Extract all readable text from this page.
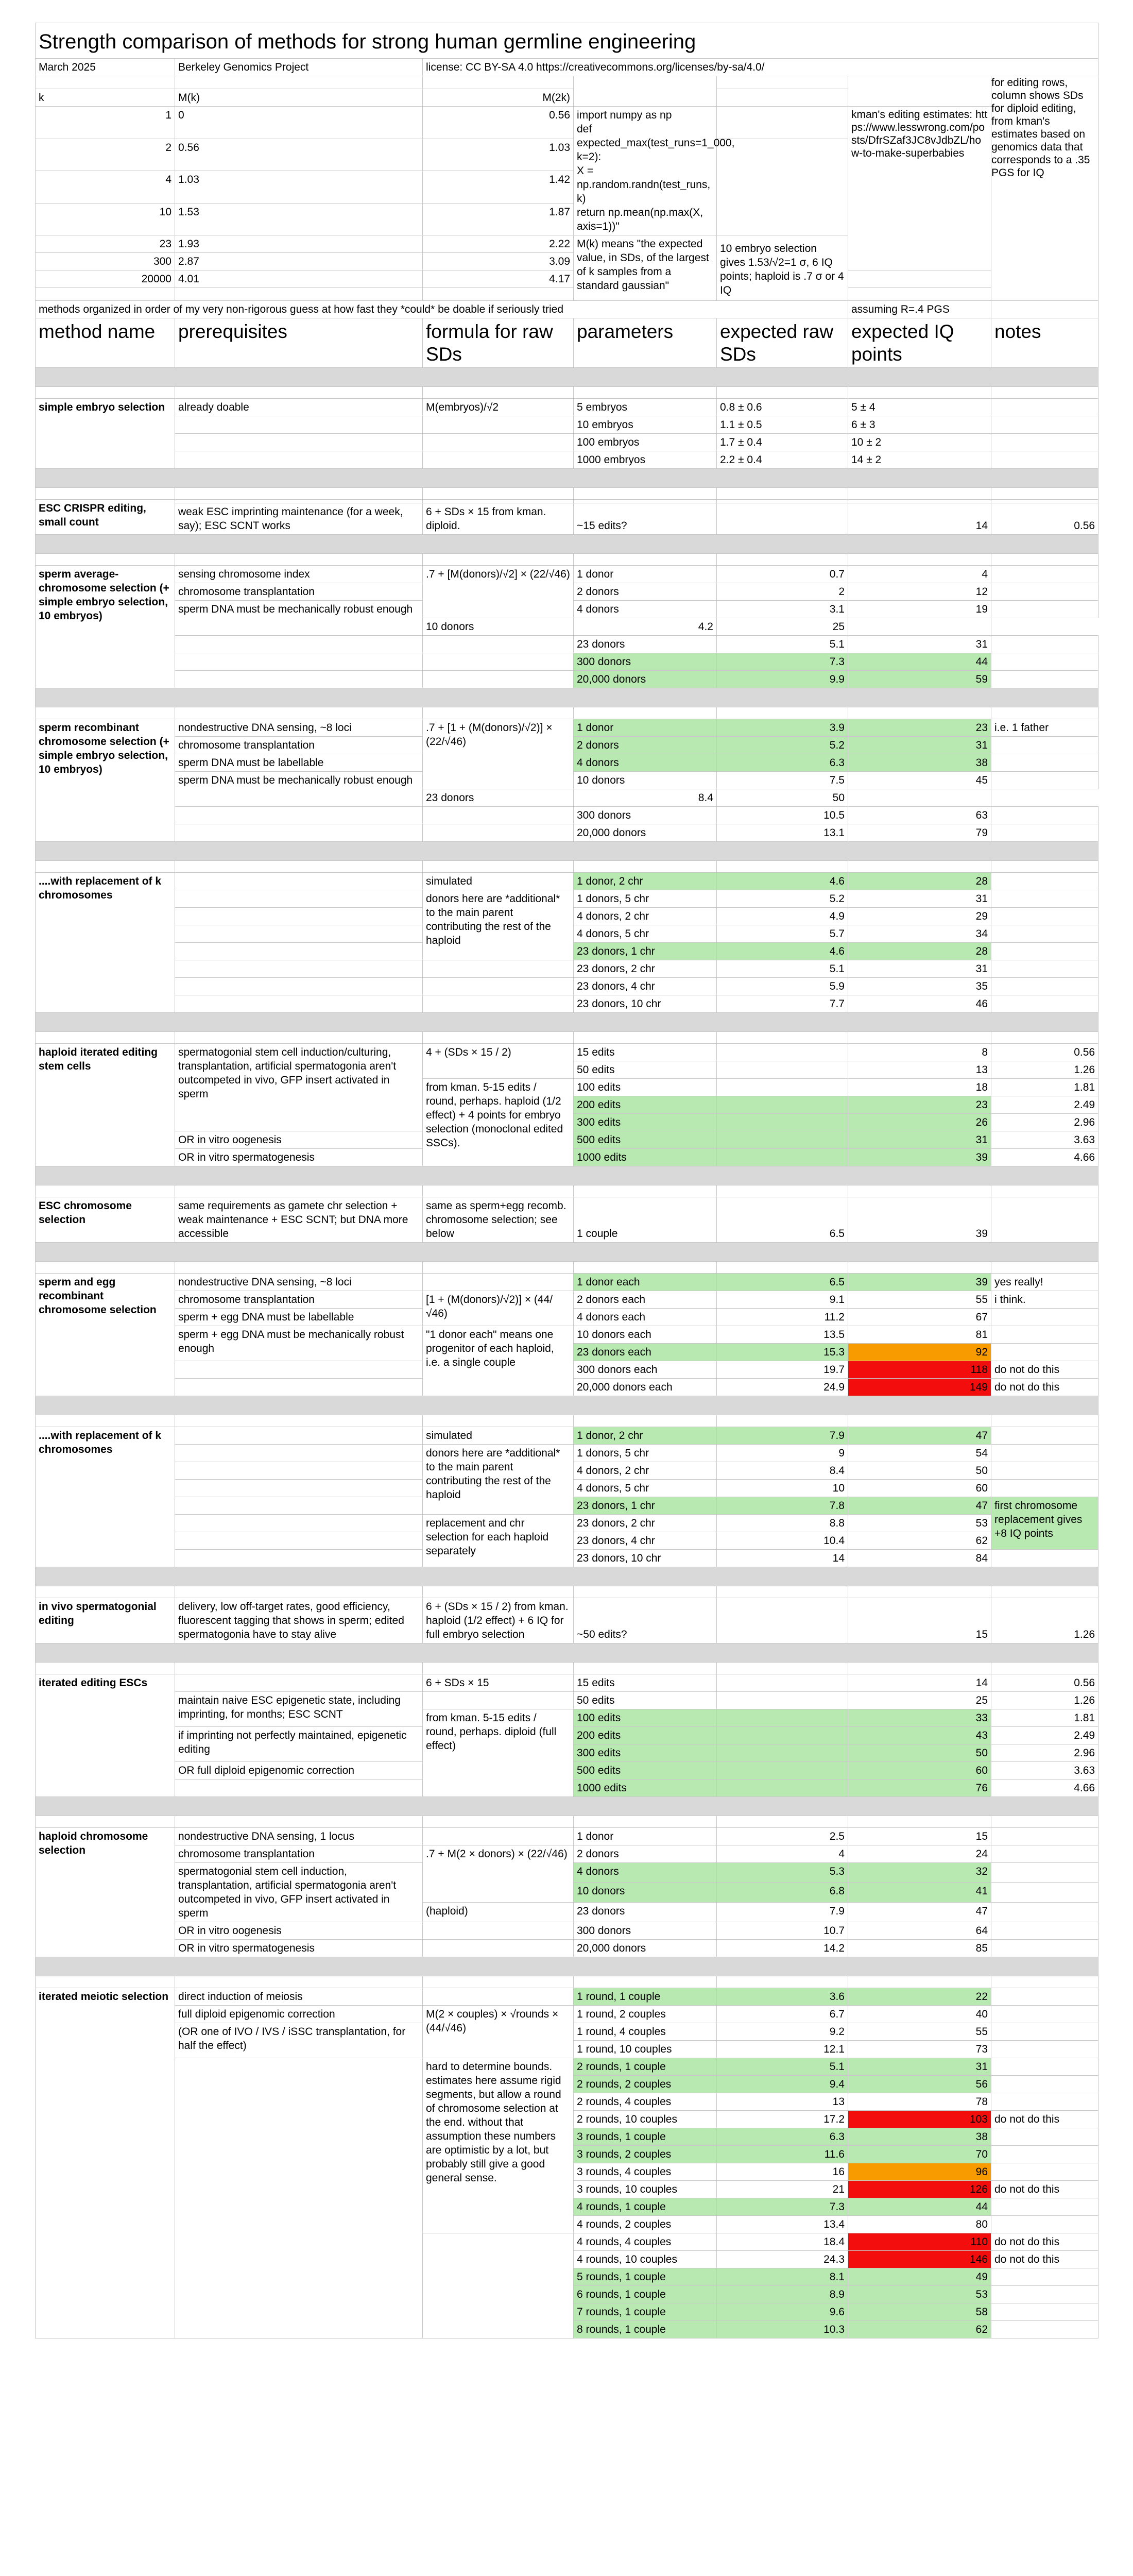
Strength comparison of methods for strong human germline engineering							
March 2025	Berkeley Genomics Project	license: CC BY-SA 4.0 https://creativecommons.org/licenses/by-sa/4.0/					
						for editing rows, column shows SDs for diploid editing, from kman's estimates based on genomics data that corresponds to a .35 PGS for IQ	
k	M(k)	M(2k)					
1	0	0.56	import numpy as np
def expected_max(test_runs=1_000, k=2):
X = np.random.randn(test_runs, k)
return np.mean(np.max(X, axis=1))"		kman's editing estimates: https://www.lesswrong.com/posts/DfrSZaf3JC8vJdbZL/how-to-make-superbabies		
2	0.56	1.03					
4	1.03	1.42					
10	1.53	1.87					
23	1.93	2.22	M(k) means "the expected value, in SDs, of the largest of k samples from a standard gaussian"	10 embryo selection gives 1.53/√2=1 σ, 6 IQ points; haploid is .7 σ or 4 IQ			
300	2.87	3.09					
20000	4.01	4.17					

methods organized in order of my very non-rigorous guess at how fast they *could* be doable if seriously tried					assuming R=.4 PGS		
method name	prerequisites	formula for raw SDs	parameters	expected raw SDs	expected IQ points	notes	

simple embryo selection	already doable	M(embryos)/√2	5 embryos	0.8 ± 0.6	5 ± 4		
			10 embryos	1.1 ± 0.5	6 ± 3		
			100 embryos	1.7 ± 0.4	10 ± 2		
			1000 embryos	2.2 ± 0.4	14 ± 2		

ESC CRISPR editing, small count							
	weak ESC imprinting maintenance (for a week, say); ESC SCNT works	6 + SDs × 15 from kman. diploid.	~15 edits?		14	0.56	

sperm average-chromosome selection (+ simple embryo selection, 10 embryos)	sensing chromosome index	.7 + [M(donors)/√2] × (22/√46)	1 donor	0.7	4		
	chromosome transplantation		2 donors	2	12		
	sperm DNA must be mechanically robust enough		4 donors	3.1	19		
		10 donors	4.2	25			
			23 donors	5.1	31		
			300 donors	7.3	44		
			20,000 donors	9.9	59		

sperm recombinant chromosome selection (+ simple embryo selection, 10 embryos)	nondestructive DNA sensing, ~8 loci	.7 + [1 + (M(donors)/√2)] × (22/√46)	1 donor	3.9	23	i.e. 1 father	
	chromosome transplantation		2 donors	5.2	31		
	sperm DNA must be labellable		4 donors	6.3	38		
	sperm DNA must be mechanically robust enough		10 donors	7.5	45		
		23 donors	8.4	50			
			300 donors	10.5	63		
			20,000 donors	13.1	79		

....with replacement of k chromosomes		simulated	1 donor, 2 chr	4.6	28		
		donors here are *additional* to the main parent contributing the rest of the haploid	1 donors, 5 chr	5.2	31		
			4 donors, 2 chr	4.9	29		
			4 donors, 5 chr	5.7	34		
			23 donors, 1 chr	4.6	28		
			23 donors, 2 chr	5.1	31		
			23 donors, 4 chr	5.9	35		
			23 donors, 10 chr	7.7	46		

haploid iterated editing stem cells	spermatogonial stem cell induction/culturing, transplantation, artificial spermatogonia aren't outcompeted in vivo, GFP insert activated in sperm	4 + (SDs × 15 / 2)	15 edits		8	0.56	
			50 edits		13	1.26	
		from kman. 5-15 edits / round, perhaps. haploid (1/2 effect) + 4 points for embryo selection (monoclonal edited SSCs).	100 edits		18	1.81	
			200 edits		23	2.49	
			300 edits		26	2.96	
	OR in vitro oogenesis		500 edits		31	3.63	
	OR in vitro spermatogenesis		1000 edits		39	4.66	

ESC chromosome selection	same requirements as gamete chr selection + weak maintenance + ESC SCNT; but DNA more accessible	same as sperm+egg recomb. chromosome selection; see below	1 couple	6.5	39		

sperm and egg recombinant chromosome selection	nondestructive DNA sensing, ~8 loci		1 donor each	6.5	39	yes really!	
	chromosome transplantation	[1 + (M(donors)/√2)] × (44/√46)	2 donors each	9.1	55	i think.	
	sperm + egg DNA must be labellable		4 donors each	11.2	67		
	sperm + egg DNA must be mechanically robust enough	"1 donor each" means one progenitor of each haploid, i.e. a single couple	10 donors each	13.5	81		
			23 donors each	15.3	92		
			300 donors each	19.7	118	do not do this	
			20,000 donors each	24.9	149	do not do this	

....with replacement of k chromosomes		simulated	1 donor, 2 chr	7.9	47		
		donors here are *additional* to the main parent contributing the rest of the haploid	1 donors, 5 chr	9	54		
			4 donors, 2 chr	8.4	50		
			4 donors, 5 chr	10	60		
			23 donors, 1 chr	7.8	47	first chromosome replacement gives +8 IQ points	
		replacement and chr selection for each haploid separately	23 donors, 2 chr	8.8	53		
			23 donors, 4 chr	10.4	62		
			23 donors, 10 chr	14	84		

in vivo spermatogonial editing	delivery, low off-target rates, good efficiency, fluorescent tagging that shows in sperm; edited spermatogonia have to stay alive	6 + (SDs × 15 / 2) from kman. haploid (1/2 effect) + 6 IQ for full embryo selection	~50 edits?		15	1.26	

iterated editing ESCs		6 + SDs × 15	15 edits		14	0.56	
	maintain naive ESC epigenetic state, including imprinting, for months; ESC SCNT		50 edits		25	1.26	
		from kman. 5-15 edits / round, perhaps. diploid (full effect)	100 edits		33	1.81	
	if imprinting not perfectly maintained, epigenetic editing		200 edits		43	2.49	
			300 edits		50	2.96	
	OR full diploid epigenomic correction		500 edits		60	3.63	
			1000 edits		76	4.66	

haploid chromosome selection	nondestructive DNA sensing, 1 locus		1 donor	2.5	15		
	chromosome transplantation	.7 + M(2 × donors) × (22/√46)	2 donors	4	24		
	spermatogonial stem cell induction, transplantation, artificial spermatogonia aren't outcompeted in vivo, GFP insert activated in sperm		4 donors	5.3	32		
			10 donors	6.8	41		
		(haploid)	23 donors	7.9	47		
	OR in vitro oogenesis		300 donors	10.7	64		
	OR in vitro spermatogenesis		20,000 donors	14.2	85		

iterated meiotic selection	direct induction of meiosis		1 round, 1 couple	3.6	22		
	full diploid epigenomic correction	M(2 × couples) × √rounds × (44/√46)	1 round, 2 couples	6.7	40		
	(OR one of IVO / IVS / iSSC transplantation, for half the effect)		1 round, 4 couples	9.2	55		
			1 round, 10 couples	12.1	73		
		hard to determine bounds. estimates here assume rigid segments, but allow a round of chromosome selection at the end. without that assumption these numbers are optimistic by a lot, but probably still give a good general sense.	2 rounds, 1 couple	5.1	31		
			2 rounds, 2 couples	9.4	56		
			2 rounds, 4 couples	13	78		
			2 rounds, 10 couples	17.2	103	do not do this	
			3 rounds, 1 couple	6.3	38		
			3 rounds, 2 couples	11.6	70		
			3 rounds, 4 couples	16	96		
			3 rounds, 10 couples	21	126	do not do this	
			4 rounds, 1 couple	7.3	44		
			4 rounds, 2 couples	13.4	80		
			4 rounds, 4 couples	18.4	110	do not do this	
			4 rounds, 10 couples	24.3	146	do not do this	
			5 rounds, 1 couple	8.1	49		
			6 rounds, 1 couple	8.9	53		
			7 rounds, 1 couple	9.6	58		
			8 rounds, 1 couple	10.3	62		
